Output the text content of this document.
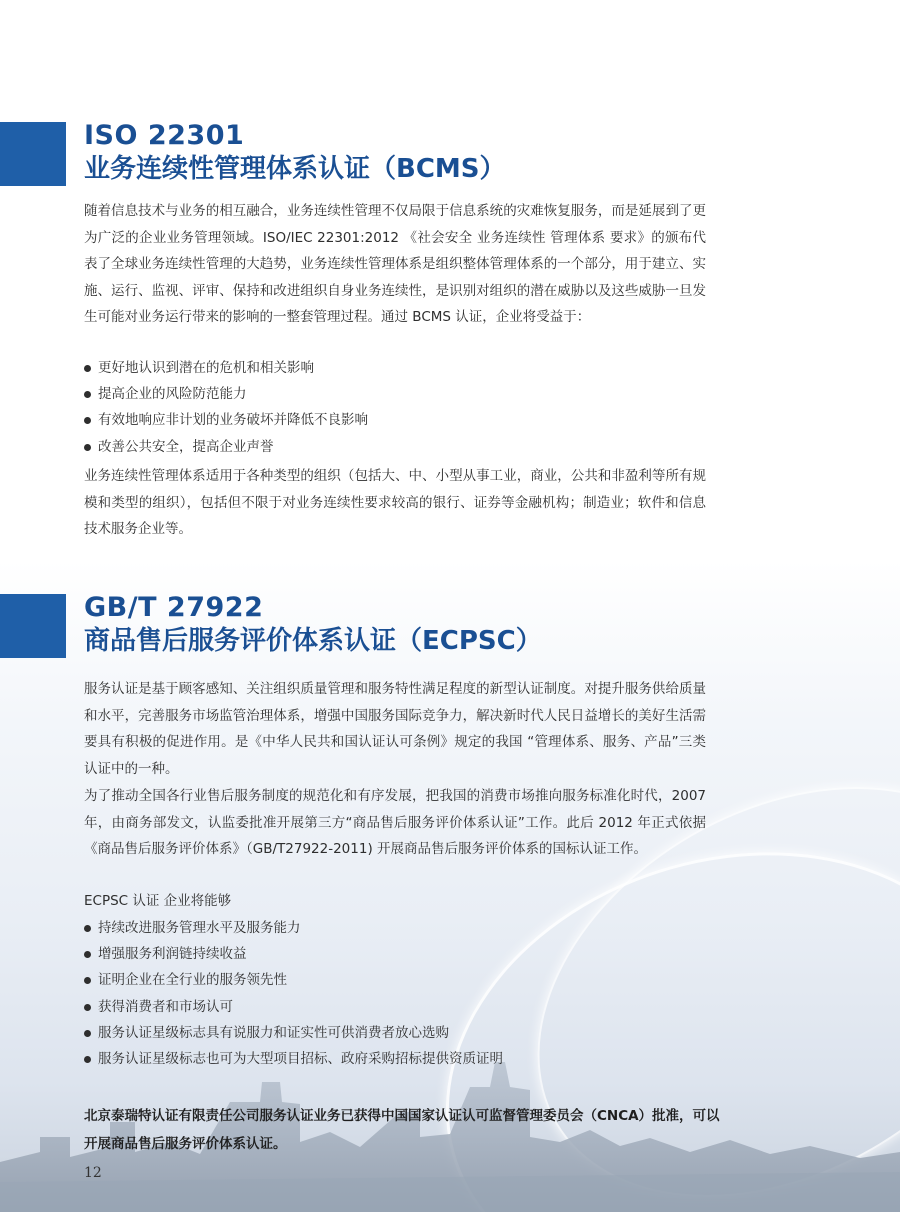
ISO 22301
业务连续性管理体系认证（BCMS）

随着信息技术与业务的相互融合，业务连续性管理不仅局限于信息系统的灾难恢复服务，而是延展到了更为广泛的企业业务管理领域。ISO/IEC 22301:2012 《社会安全 业务连续性 管理体系 要求》的颁布代表了全球业务连续性管理的大趋势，业务连续性管理体系是组织整体管理体系的一个部分，用于建立、实施、运行、监视、评审、保持和改进组织自身业务连续性，是识别对组织的潜在威胁以及这些威胁一旦发生可能对业务运行带来的影响的一整套管理过程。通过 BCMS 认证，企业将受益于：

更好地认识到潜在的危机和相关影响
提高企业的风险防范能力
有效地响应非计划的业务破坏并降低不良影响
改善公共安全，提高企业声誉

业务连续性管理体系适用于各种类型的组织（包括大、中、小型从事工业，商业，公共和非盈利等所有规模和类型的组织），包括但不限于对业务连续性要求较高的银行、证券等金融机构；制造业；软件和信息技术服务企业等。

GB/T 27922
商品售后服务评价体系认证（ECPSC）

服务认证是基于顾客感知、关注组织质量管理和服务特性满足程度的新型认证制度。对提升服务供给质量和水平，完善服务市场监管治理体系，增强中国服务国际竞争力，解决新时代人民日益增长的美好生活需要具有积极的促进作用。是《中华人民共和国认证认可条例》规定的我国 “管理体系、服务、产品”三类认证中的一种。

为了推动全国各行业售后服务制度的规范化和有序发展，把我国的消费市场推向服务标准化时代，2007 年，由商务部发文，认监委批准开展第三方“商品售后服务评价体系认证”工作。此后 2012 年正式依据《商品售后服务评价体系》（GB/T27922-2011) 开展商品售后服务评价体系的国标认证工作。

ECPSC 认证 企业将能够

持续改进服务管理水平及服务能力
增强服务利润链持续收益
证明企业在全行业的服务领先性
获得消费者和市场认可
服务认证星级标志具有说服力和证实性可供消费者放心选购
服务认证星级标志也可为大型项目招标、政府采购招标提供资质证明
北京泰瑞特认证有限责任公司服务认证业务已获得中国国家认证认可监督管理委员会（CNCA）批准，可以开展商品售后服务评价体系认证。
12
